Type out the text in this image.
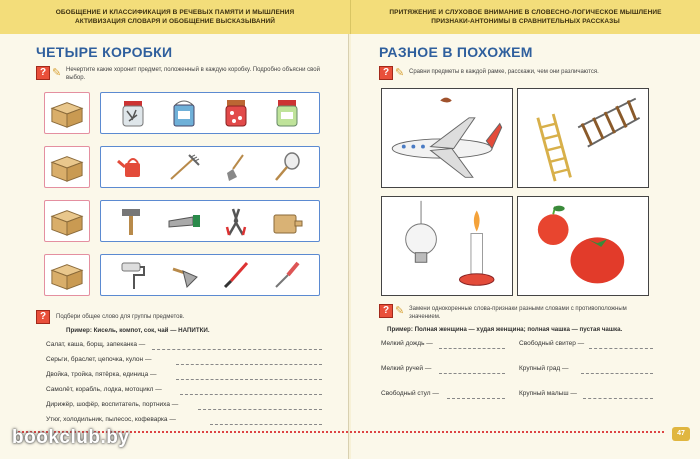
ОБОБЩЕНИЕ И КЛАССИФИКАЦИЯ В РЕЧЕВЫХ ПАМЯТИ И МЫШЛЕНИЯ
АКТИВИЗАЦИЯ СЛОВАРЯ И ОБОБЩЕНИЕ ВЫСКАЗЫВАНИЙ
ПРИТЯЖЕНИЕ И СЛУХОВОЕ ВНИМАНИЕ В СЛОВЕСНО-ЛОГИЧЕСКОЕ МЫШЛЕНИЕ
ПРИЗНАКИ-АНТОНИМЫ В СРАВНИТЕЛЬНЫХ РАССКАЗЫ
ЧЕТЫРЕ КОРОБКИ
? ✎ Нечертите какие хоронит предмет, положенный в каждую коробку. Подробно объясни свой выбор.
?	Подбери общее слово для группы предметов.
Пример: Кисель, компот, сок, чай — НАПИТКИ.
Салат, каша, борщ, запеканка —
Серьги, браслет, цепочка, кулон —
Двойка, тройка, пятёрка, единица —
Самолёт, корабль, лодка, мотоцикл —
Дирижёр, шофёр, воспитатель, портниха —
Утюг, холодильник, пылесос, кофеварка —
РАЗНОЕ В ПОХОЖЕМ
? ✎ Сравни предметы в каждой рамке, расскажи, чем они различаются.
? ✎ Замени однокоренные слова-признаки разными словами с противоположным значением.
Пример: Полная женщина — худая женщина; полная чашка — пустая чашка.
Мелкий дождь —	Свободный свитер —
Мелкий ручей —	Крупный град —
Свободный стул —	Крупный малыш —
47
bookclub.by
